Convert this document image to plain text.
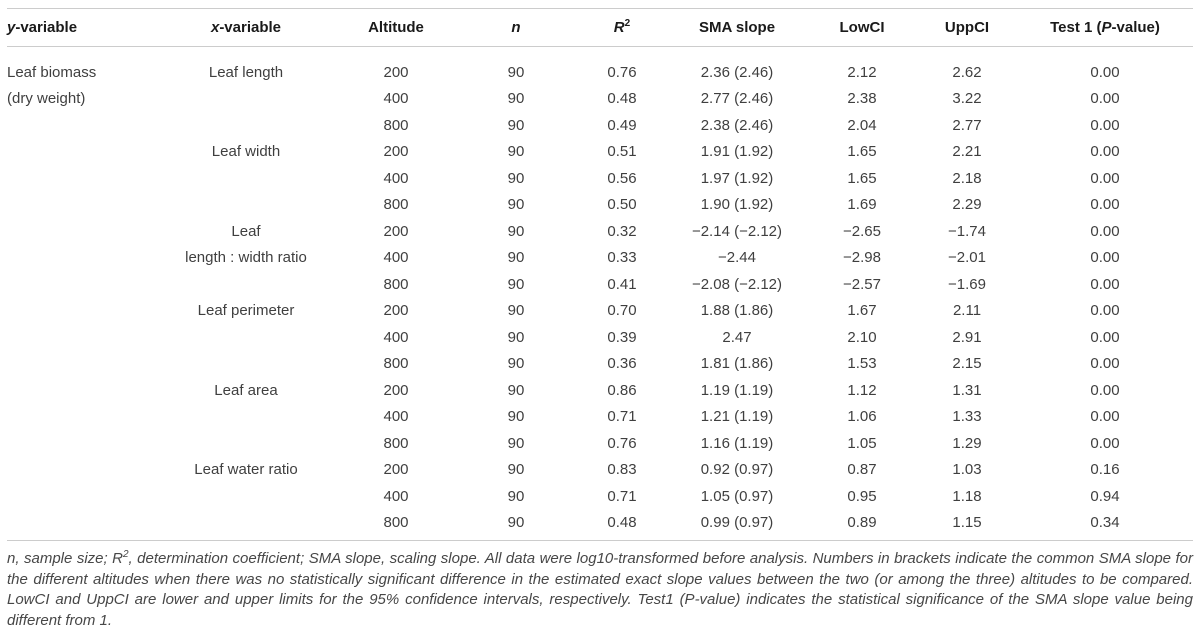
y-variable	x-variable	Altitude	n	$R^2$	SMA slope	LowCI	UppCI	Test 1 (P-value)
Leaf biomass	Leaf length	200	90	0.76	2.36 (2.46)	2.12	2.62	0.00
(dry weight)		400	90	0.48	2.77 (2.46)	2.38	3.22	0.00
		800	90	0.49	2.38 (2.46)	2.04	2.77	0.00
	Leaf width	200	90	0.51	1.91 (1.92)	1.65	2.21	0.00
		400	90	0.56	1.97 (1.92)	1.65	2.18	0.00
		800	90	0.50	1.90 (1.92)	1.69	2.29	0.00
	Leaf	200	90	0.32	−2.14 (−2.12)	−2.65	−1.74	0.00
	length : width ratio	400	90	0.33	−2.44	−2.98	−2.01	0.00
		800	90	0.41	−2.08 (−2.12)	−2.57	−1.69	0.00
	Leaf perimeter	200	90	0.70	1.88 (1.86)	1.67	2.11	0.00
		400	90	0.39	2.47	2.10	2.91	0.00
		800	90	0.36	1.81 (1.86)	1.53	2.15	0.00
	Leaf area	200	90	0.86	1.19 (1.19)	1.12	1.31	0.00
		400	90	0.71	1.21 (1.19)	1.06	1.33	0.00
		800	90	0.76	1.16 (1.19)	1.05	1.29	0.00
	Leaf water ratio	200	90	0.83	0.92 (0.97)	0.87	1.03	0.16
		400	90	0.71	1.05 (0.97)	0.95	1.18	0.94
		800	90	0.48	0.99 (0.97)	0.89	1.15	0.34
n, sample size; $R^2$, determination coefficient; SMA slope, scaling slope. All data were log10-transformed before analysis. Numbers in brackets indicate the common SMA slope for the different altitudes when there was no statistically significant difference in the estimated exact slope values between the two (or among the three) altitudes to be compared. LowCI and UppCI are lower and upper limits for the 95% confidence intervals, respectively. Test1 (P-value) indicates the statistical significance of the SMA slope value being different from 1.
